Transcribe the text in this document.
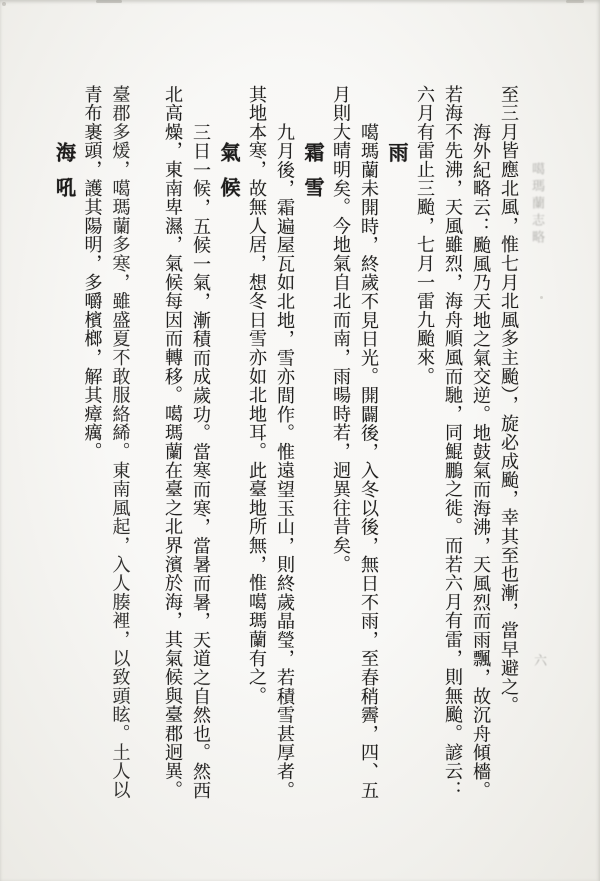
噶瑪蘭志略
六
至三月皆應北風，惟七月北風多主颱），旋必成颱，幸其至也漸，當早避之。
海外紀略云：颱風乃天地之氣交逆。地鼓氣而海沸，天風烈而雨飄，故沉舟傾檣。
若海不先沸，天風雖烈，海舟順風而馳，同鯤鵬之徙。而若六月有雷，則無颱。諺云：
六月有雷止三颱，七月一雷九颱來。
雨
噶瑪蘭未開時，終歲不見日光。開闢後，入冬以後，無日不雨，至春稍霽，四、五
月則大晴明矣。今地氣自北而南，雨暘時若，迥異往昔矣。
霜雪
九月後，霜遍屋瓦如北地，雪亦間作。惟遠望玉山，則終歲晶瑩，若積雪甚厚者。
其地本寒，故無人居，想冬日雪亦如北地耳。此臺地所無，惟噶瑪蘭有之。
氣候
三日一候，五候一氣，漸積而成歲功。當寒而寒，當暑而暑，天道之自然也。然西
北高燥，東南卑濕，氣候每因而轉移。噶瑪蘭在臺之北界濱於海，其氣候與臺郡迥異。
臺郡多煖，噶瑪蘭多寒，雖盛夏不敢服絡絺。東南風起，入人腠裡，以致頭眩。土人以
青布裹頭，護其陽明，多嚼檳榔，解其瘴癘。
海吼
